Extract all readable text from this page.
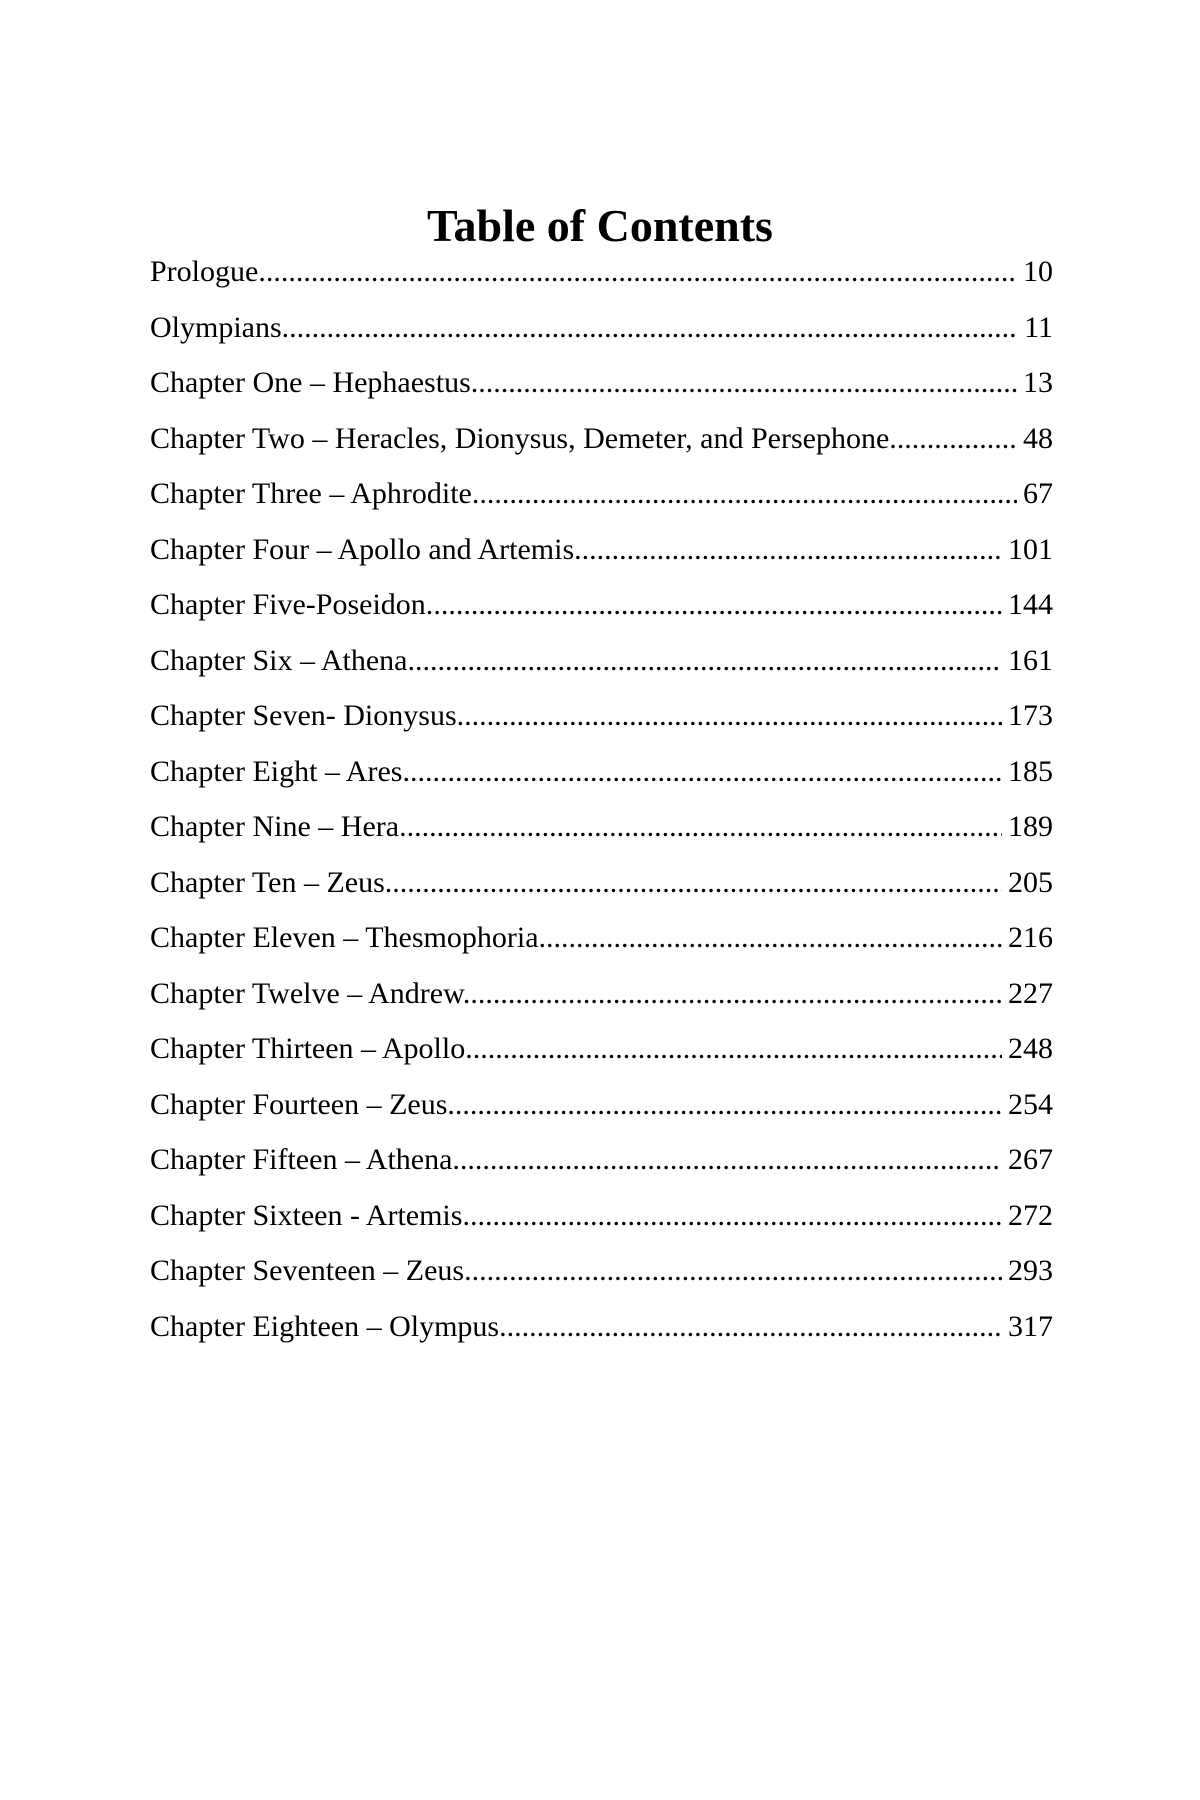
Table of Contents
Prologue .....	10
Olympians .....	11
Chapter One – Hephaestus .....	13
Chapter Two – Heracles, Dionysus, Demeter, and Persephone. .....	48
Chapter Three – Aphrodite .....	67
Chapter Four – Apollo and Artemis .....	101
Chapter Five-Poseidon. .....	144
Chapter Six – Athena .....	161
Chapter Seven- Dionysus. .....	173
Chapter Eight – Ares. .....	185
Chapter Nine – Hera. .....	189
Chapter Ten – Zeus .....	205
Chapter Eleven – Thesmophoria .....	216
Chapter Twelve – Andrew. .....	227
Chapter Thirteen – Apollo .....	248
Chapter Fourteen – Zeus .....	254
Chapter Fifteen – Athena .....	267
Chapter Sixteen - Artemis .....	272
Chapter Seventeen – Zeus .....	293
Chapter Eighteen – Olympus .....	317
